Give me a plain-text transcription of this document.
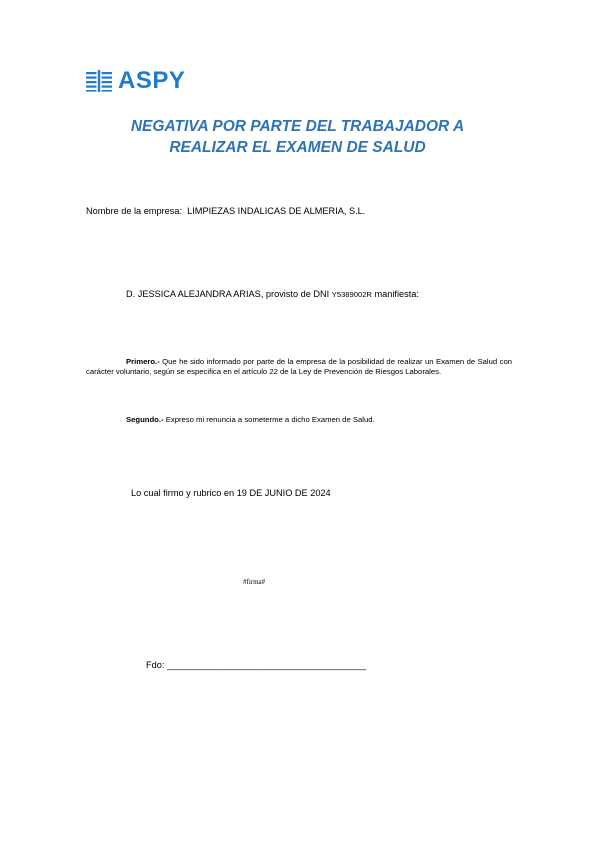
ASPY

NEGATIVA POR PARTE DEL TRABAJADOR A

REALIZAR EL EXAMEN DE SALUD

Nombre de la empresa: LIMPIEZAS INDALICAS DE ALMERIA, S.L.
D. JESSICA ALEJANDRA ARIAS, provisto de DNI Y5389002R manifiesta:

Primero.- Que he sido informado por parte de la empresa de la posibilidad de realizar un Examen de Salud con carácter voluntario, según se especifica en el artículo 22 de la Ley de Prevención de Riesgos Laborales.

Segundo.- Expreso mi renuncia a someterme a dicho Examen de Salud.

Lo cual firmo y rubrico en 19 DE JUNIO DE 2024
#firma#
Fdo: _______________________________________
